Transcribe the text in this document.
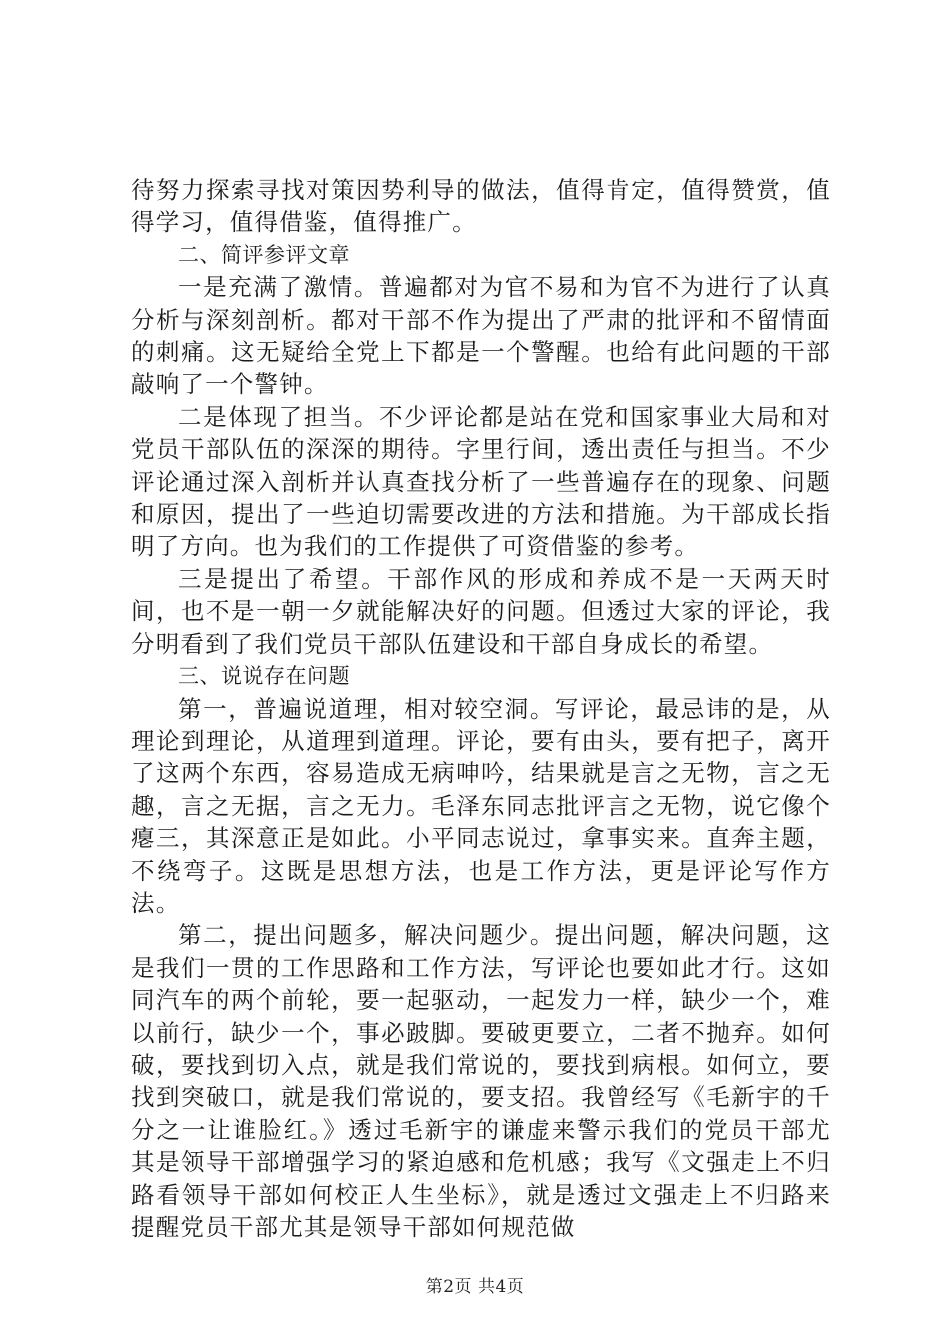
待努力探索寻找对策因势利导的做法，值得肯定，值得赞赏，值得学习，值得借鉴，值得推广。

二、简评参评文章

一是充满了激情。普遍都对为官不易和为官不为进行了认真分析与深刻剖析。都对干部不作为提出了严肃的批评和不留情面的刺痛。这无疑给全党上下都是一个警醒。也给有此问题的干部敲响了一个警钟。

二是体现了担当。不少评论都是站在党和国家事业大局和对党员干部队伍的深深的期待。字里行间，透出责任与担当。不少评论通过深入剖析并认真查找分析了一些普遍存在的现象、问题和原因，提出了一些迫切需要改进的方法和措施。为干部成长指明了方向。也为我们的工作提供了可资借鉴的参考。

三是提出了希望。干部作风的形成和养成不是一天两天时间，也不是一朝一夕就能解决好的问题。但透过大家的评论，我分明看到了我们党员干部队伍建设和干部自身成长的希望。

三、说说存在问题

第一，普遍说道理，相对较空洞。写评论，最忌讳的是，从理论到理论，从道理到道理。评论，要有由头，要有把子，离开了这两个东西，容易造成无病呻吟，结果就是言之无物，言之无趣，言之无据，言之无力。毛泽东同志批评言之无物，说它像个瘪三，其深意正是如此。小平同志说过，拿事实来。直奔主题，不绕弯子。这既是思想方法，也是工作方法，更是评论写作方法。

第二，提出问题多，解决问题少。提出问题，解决问题，这是我们一贯的工作思路和工作方法，写评论也要如此才行。这如同汽车的两个前轮，要一起驱动，一起发力一样，缺少一个，难以前行，缺少一个，事必跛脚。要破更要立，二者不抛弃。如何破，要找到切入点，就是我们常说的，要找到病根。如何立，要找到突破口，就是我们常说的，要支招。我曾经写《毛新宇的千分之一让谁脸红。》透过毛新宇的谦虚来警示我们的党员干部尤其是领导干部增强学习的紧迫感和危机感；我写《文强走上不归路看领导干部如何校正人生坐标》，就是透过文强走上不归路来提醒党员干部尤其是领导干部如何规范做

第2页 共4页
